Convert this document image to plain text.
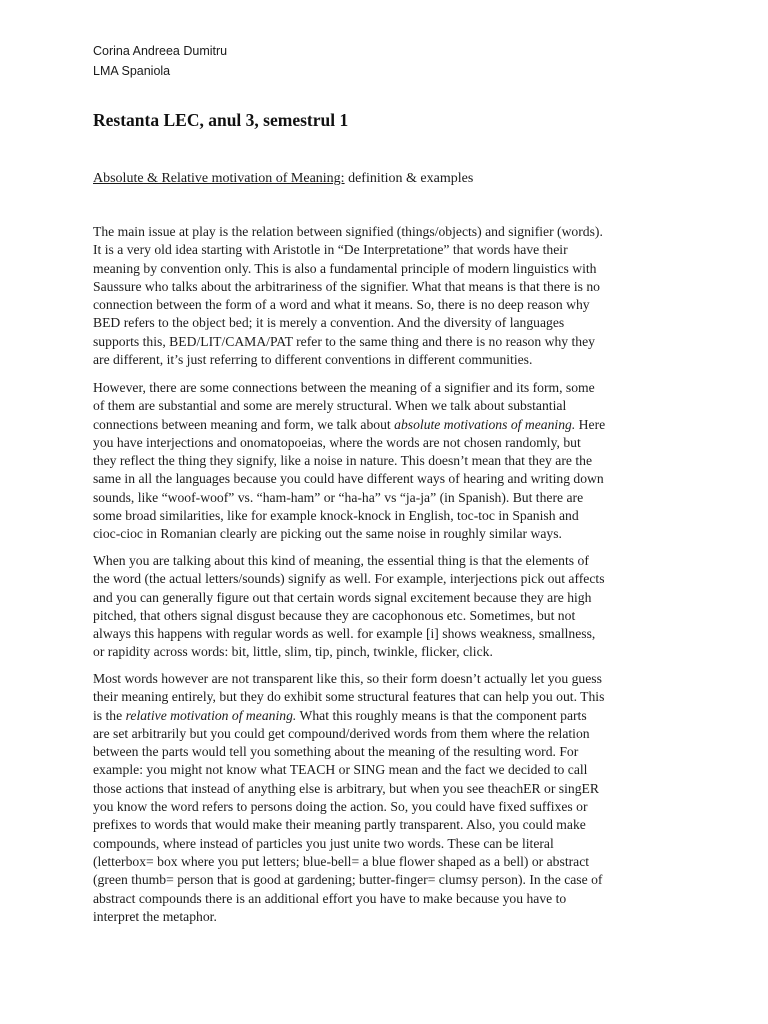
Corina Andreea Dumitru
LMA Spaniola
Restanta LEC, anul 3, semestrul 1
Absolute & Relative motivation of Meaning: definition & examples
The main issue at play is the relation between signified (things/objects) and signifier (words).
It is a very old idea starting with Aristotle in “De Interpretatione” that words have their
meaning by convention only. This is also a fundamental principle of modern linguistics with
Saussure who talks about the arbitrariness of the signifier. What that means is that there is no
connection between the form of a word and what it means. So, there is no deep reason why
BED refers to the object bed; it is merely a convention. And the diversity of languages
supports this, BED/LIT/CAMA/PAT refer to the same thing and there is no reason why they
are different, it’s just referring to different conventions in different communities.
However, there are some connections between the meaning of a signifier and its form, some
of them are substantial and some are merely structural. When we talk about substantial
connections between meaning and form, we talk about absolute motivations of meaning. Here
you have interjections and onomatopoeias, where the words are not chosen randomly, but
they reflect the thing they signify, like a noise in nature. This doesn’t mean that they are the
same in all the languages because you could have different ways of hearing and writing down
sounds, like “woof-woof” vs. “ham-ham” or “ha-ha” vs “ja-ja” (in Spanish). But there are
some broad similarities, like for example knock-knock in English, toc-toc in Spanish and
cioc-cioc in Romanian clearly are picking out the same noise in roughly similar ways.
When you are talking about this kind of meaning, the essential thing is that the elements of
the word (the actual letters/sounds) signify as well. For example, interjections pick out affects
and you can generally figure out that certain words signal excitement because they are high
pitched, that others signal disgust because they are cacophonous etc. Sometimes, but not
always this happens with regular words as well. for example [i] shows weakness, smallness,
or rapidity across words: bit, little, slim, tip, pinch, twinkle, flicker, click.
Most words however are not transparent like this, so their form doesn’t actually let you guess
their meaning entirely, but they do exhibit some structural features that can help you out. This
is the relative motivation of meaning. What this roughly means is that the component parts
are set arbitrarily but you could get compound/derived words from them where the relation
between the parts would tell you something about the meaning of the resulting word. For
example: you might not know what TEACH or SING mean and the fact we decided to call
those actions that instead of anything else is arbitrary, but when you see theachER or singER
you know the word refers to persons doing the action. So, you could have fixed suffixes or
prefixes to words that would make their meaning partly transparent. Also, you could make
compounds, where instead of particles you just unite two words. These can be literal
(letterbox= box where you put letters; blue-bell= a blue flower shaped as a bell) or abstract
(green thumb= person that is good at gardening; butter-finger= clumsy person). In the case of
abstract compounds there is an additional effort you have to make because you have to
interpret the metaphor.
